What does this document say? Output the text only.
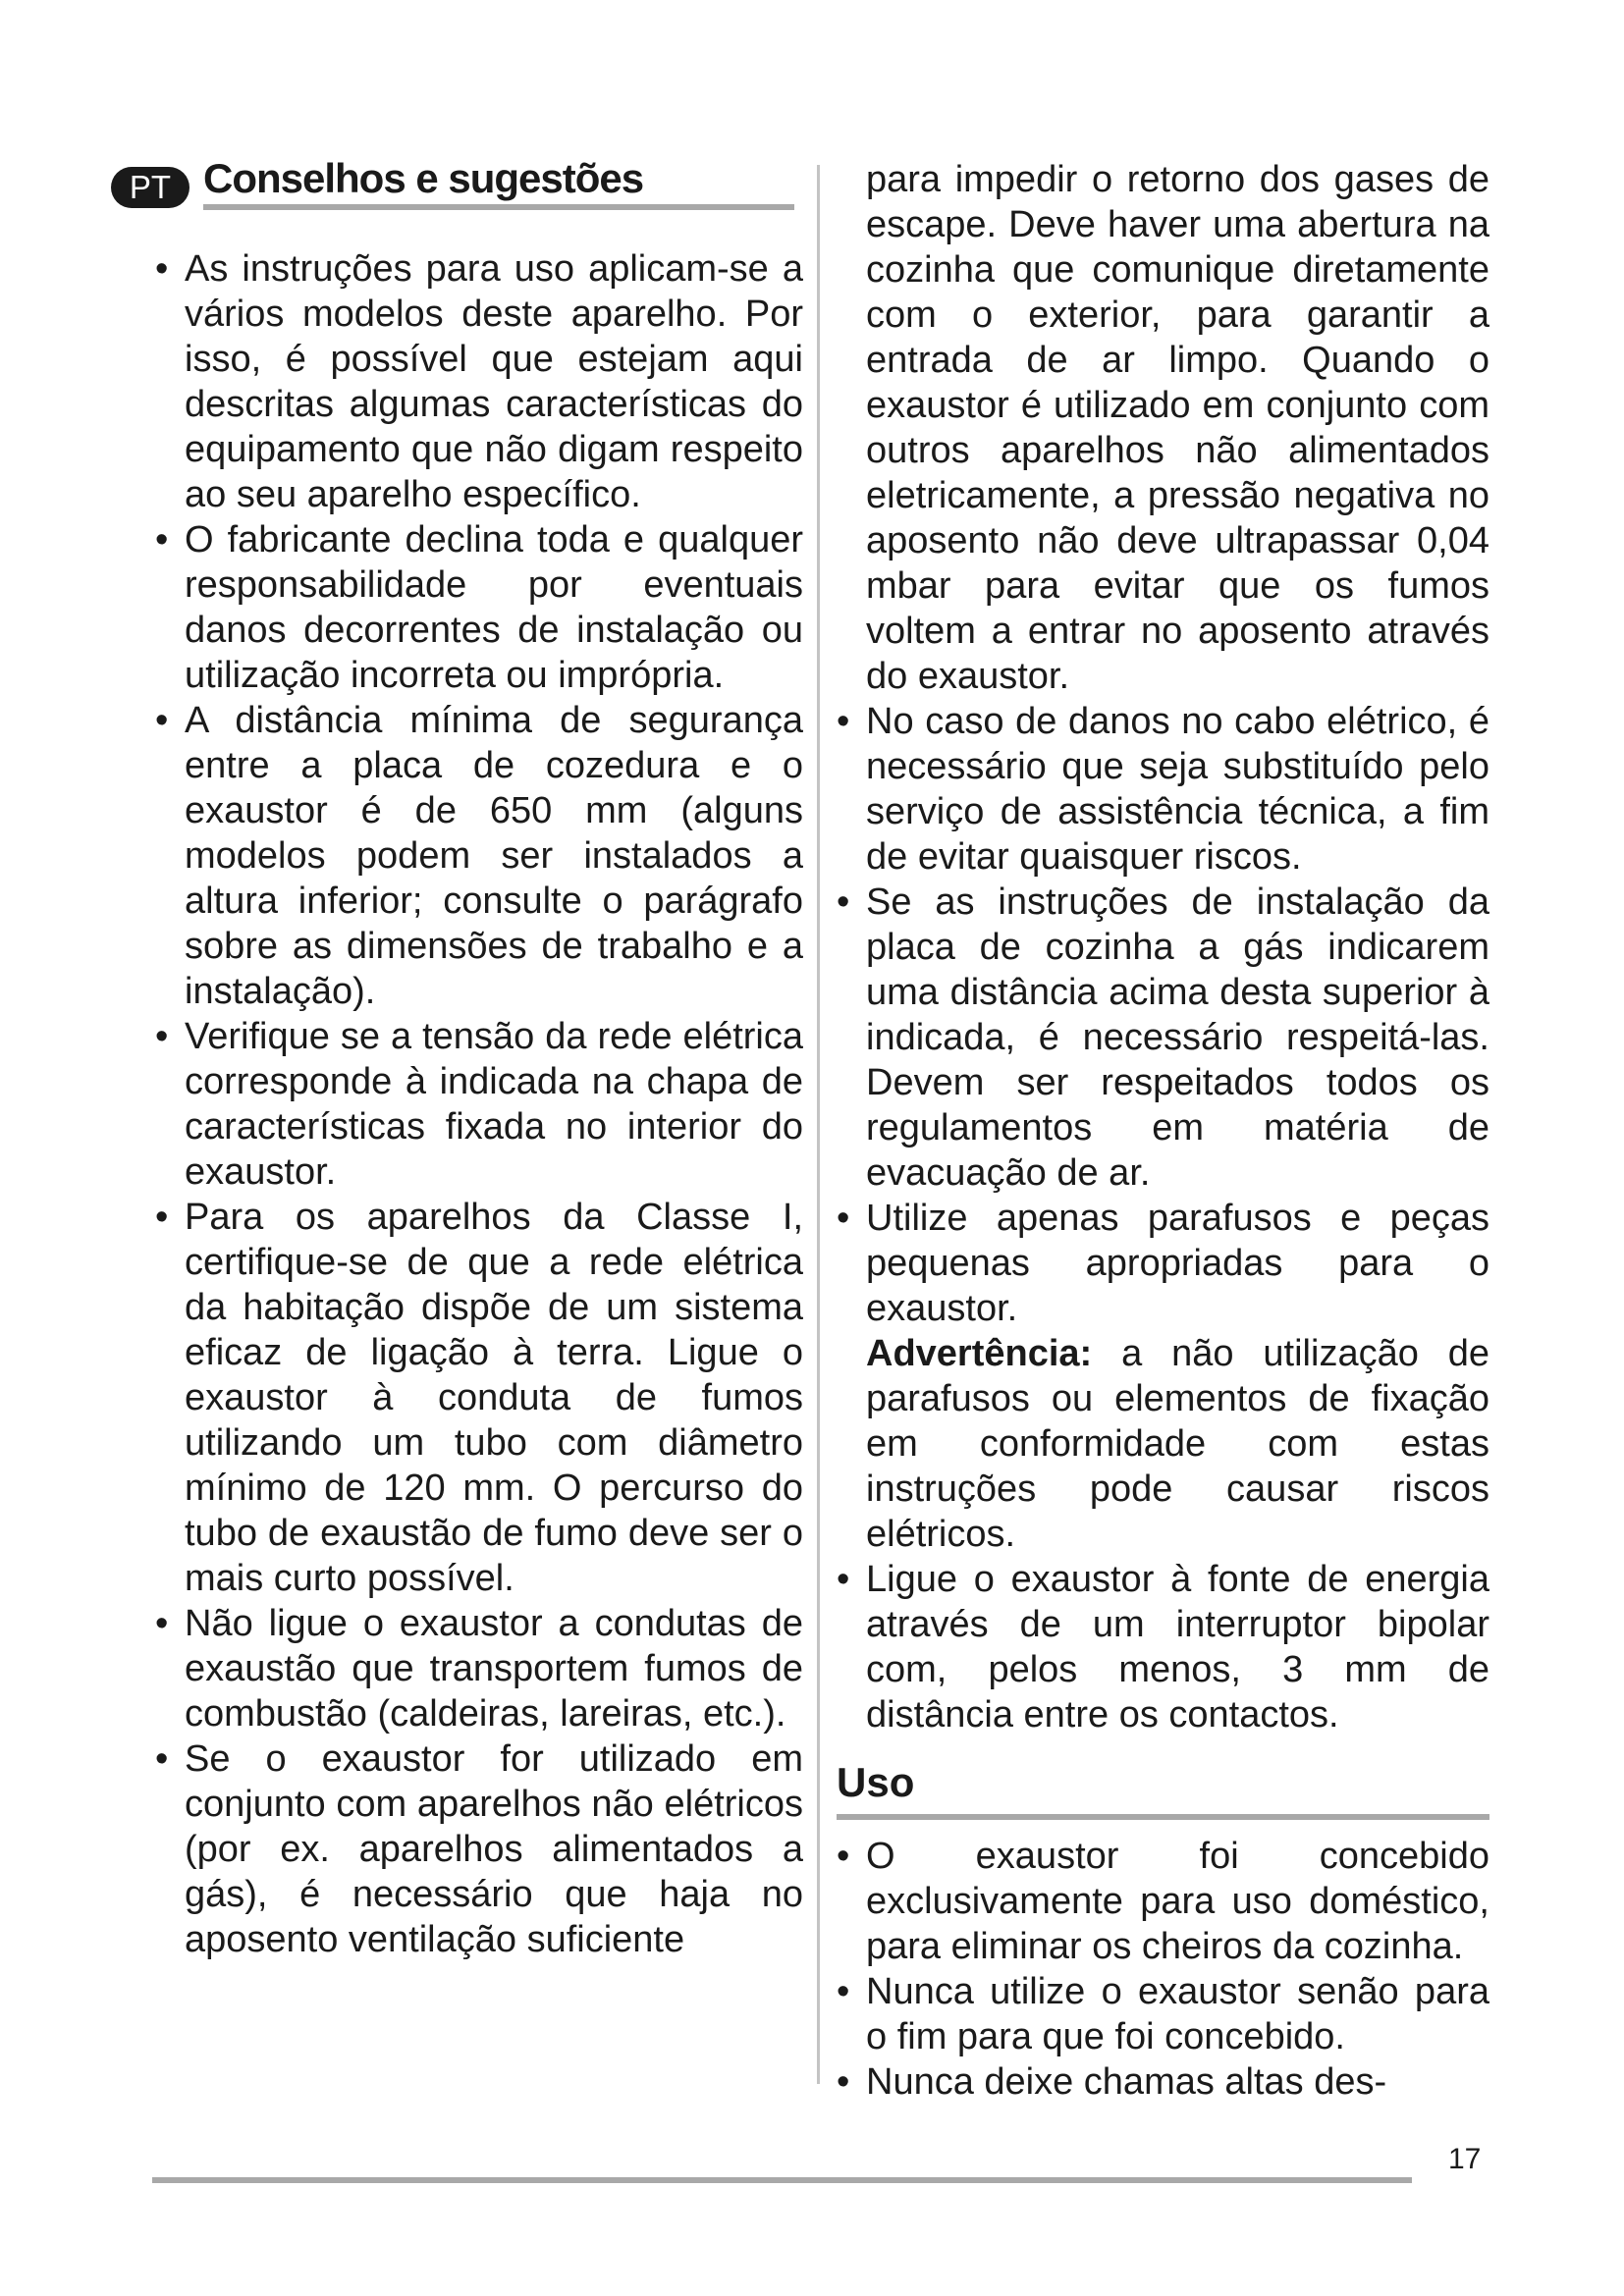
PT Conselhos e sugestões
• As instruções para uso aplicam-se a vários modelos deste aparelho. Por isso, é possível que estejam aqui descritas algumas características do equipamento que não digam respeito ao seu aparelho específico.
• O fabricante declina toda e qualquer responsabilidade por eventuais danos decorrentes de instalação ou utilização incorreta ou imprópria.
• A distância mínima de segurança entre a placa de cozedura e o exaustor é de 650 mm (alguns modelos podem ser instalados a altura inferior; consulte o parágrafo sobre as dimensões de trabalho e a instalação).
• Verifique se a tensão da rede elétrica corresponde à indicada na chapa de características fixada no interior do exaustor.
• Para os aparelhos da Classe I, certifique-se de que a rede elétrica da habitação dispõe de um sistema eficaz de ligação à terra. Ligue o exaustor à conduta de fumos utilizando um tubo com diâmetro mínimo de 120 mm. O percurso do tubo de exaustão de fumo deve ser o mais curto possível.
• Não ligue o exaustor a condutas de exaustão que transportem fumos de combustão (caldeiras, lareiras, etc.).
• Se o exaustor for utilizado em conjunto com aparelhos não elétricos (por ex. aparelhos alimentados a gás), é necessário que haja no aposento ventilação suficiente
para impedir o retorno dos gases de escape. Deve haver uma abertura na cozinha que comunique diretamente com o exterior, para garantir a entrada de ar limpo. Quando o exaustor é utilizado em conjunto com outros aparelhos não alimentados eletricamente, a pressão negativa no aposento não deve ultrapassar 0,04 mbar para evitar que os fumos voltem a entrar no aposento através do exaustor.
• No caso de danos no cabo elétrico, é necessário que seja substituído pelo serviço de assistência técnica, a fim de evitar quaisquer riscos.
• Se as instruções de instalação da placa de cozinha a gás indicarem uma distância acima desta superior à indicada, é necessário respeitá-las. Devem ser respeitados todos os regulamentos em matéria de evacuação de ar.
• Utilize apenas parafusos e peças pequenas apropriadas para o exaustor.
Advertência: a não utilização de parafusos ou elementos de fixação em conformidade com estas instruções pode causar riscos elétricos.
• Ligue o exaustor à fonte de energia através de um interruptor bipolar com, pelos menos, 3 mm de distância entre os contactos.
Uso
• O exaustor foi concebido exclusivamente para uso doméstico, para eliminar os cheiros da cozinha.
• Nunca utilize o exaustor senão para o fim para que foi concebido.
• Nunca deixe chamas altas des-
17
